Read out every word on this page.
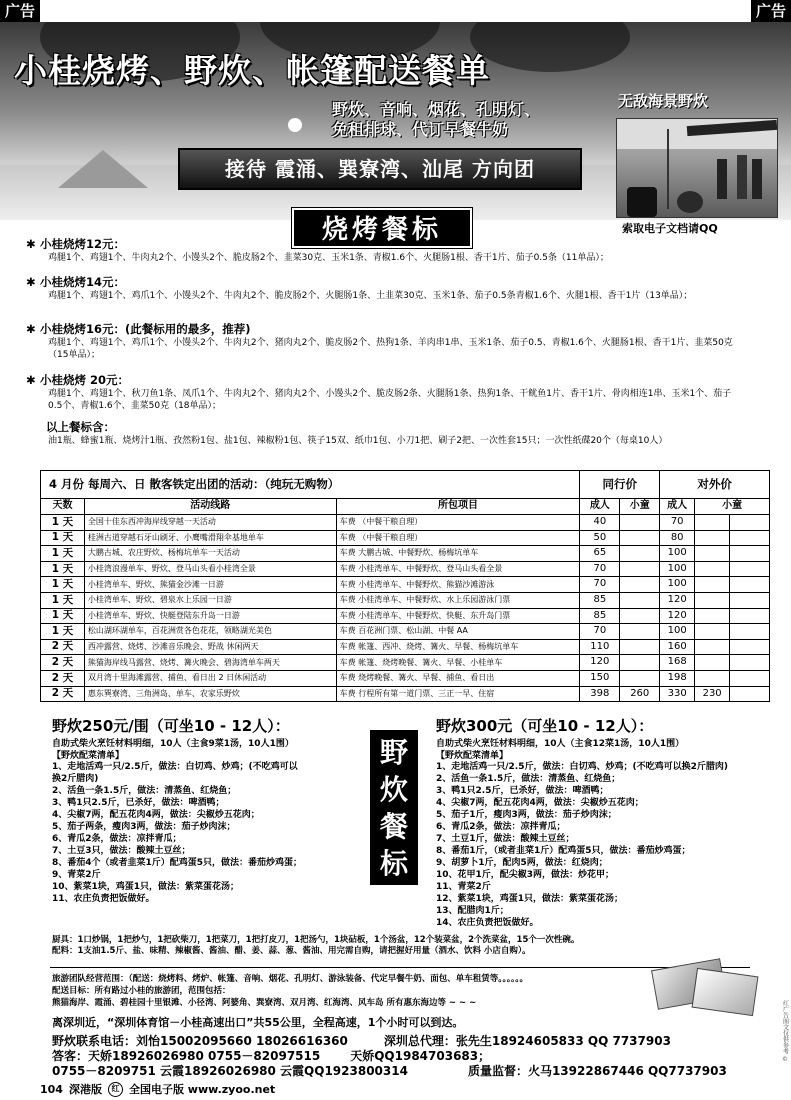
广告	广告
小桂烧烤、野炊、帐篷配送餐单
野炊、音响、烟花、孔明灯、
免租排球、代订早餐牛奶
接待 霞涌、巽寮湾、汕尾 方向团
无敌海景野炊
索取电子文档请QQ
烧烤餐标
✱ 小桂烧烤12元：
鸡腿1个、鸡翅1个、牛肉丸2个、小馒头2个、脆皮肠2个、韭菜30克、玉米1条、青椒1.6个、火腿肠1根、香干1片、茄子0.5条（11单品）；
✱ 小桂烧烤14元：
鸡腿1个、鸡翅1个、鸡爪1个、小馒头2个、牛肉丸2个、脆皮肠2个、火腿肠1条、土韭菜30克、玉米1条、茄子0.5条青椒1.6个、火腿1根、香干1片（13单品）；
✱ 小桂烧烤16元：(此餐标用的最多，推荐)
鸡腿1个、鸡翅1个、鸡爪1个、小馒头2个、牛肉丸2个、猪肉丸2个、脆皮肠2个、热狗1条、羊肉串1串、玉米1条、茄子0.5、青椒1.6个、火腿肠1根、香干1片、韭菜50克（15单品）；
✱ 小桂烧烤 20元：
鸡腿1个、鸡翅1个、秋刀鱼1条、凤爪1个、牛肉丸2个、猪肉丸2个、小馒头2个、脆皮肠2条、火腿肠1条、热狗1条、干鱿鱼1片、香干1片、骨肉相连1串、玉米1个、茄子0.5个、青椒1.6个、韭菜50克（18单品）；
以上餐标含：
油1瓶、蜂蜜1瓶、烧烤汁1瓶、孜然粉1包、盐1包、辣椒粉1包、筷子15双、纸巾1包、小刀1把、刷子2把、一次性套15只；一次性纸碟20个（每桌10人）
4 月份 每周六、日 散客铁定出团的活动：（纯玩无购物）			同行价		对外价		
天数	活动线路	所包项目	成人	小童	成人	小童	
1 天	全国十佳东西冲海岸线穿越一天活动	车费 （中餐干粮自理）	40		70		
1 天	桂洲古道穿越石牙山刷牙、小鹰嘴滑翔伞基地单车	车费 （中餐干粮自理）	50		80		
1 天	大鹏古城、农庄野炊、杨梅坑单车一天活动	车费 大鹏古城、中餐野炊、杨梅坑单车	65		100		
1 天	小桂湾浪漫单车、野炊、登马山头看小桂湾全景	车费 小桂湾单车、中餐野炊、登马山头看全景	70		100		
1 天	小桂湾单车、野炊、熊猫金沙滩一日游	车费 小桂湾单车、中餐野炊、熊猫沙滩游泳	70		100		
1 天	小桂湾单车、野炊、碧泉水上乐园一日游	车费 小桂湾单车、中餐野炊、水上乐园游泳门票	85		120		
1 天	小桂湾单车、野炊、快艇登陆东升岛一日游	车费 小桂湾单车、中餐野炊、快艇、东升岛门票	85		120		
1 天	松山湖环湖单车，百花洲赏各色花花，领略湖光美色	车费 百花洲门票、松山湖、中餐 AA	70		100		
2 天	西冲露营、烧烤、沙滩音乐晚会、野战 休闲两天	车费 帐篷、西冲、烧烤、篝火、早餐、杨梅坑单车	110		160		
2 天	熊猫海岸线马露营、烧烤、篝火晚会、碧海湾单车两天	车费 帐篷、烧烤晚餐、篝火、早餐、小桂单车	120		168		
2 天	双月湾十里海滩露营、捕鱼、看日出 2 日休闲活动	车费 烧烤晚餐、篝火、早餐、捕鱼、看日出	150		198		
2 天	惠东巽寮湾、三角洲岛、单车、农家乐野炊	车费 行程所有第一道门票、三正一早、住宿	398	260	330	230	
野炊250元/围（可坐10 - 12人）：
自助式柴火烹饪材料明细，10人（主食9菜1汤，10人1围）
【野炊配菜清单】
1、走地活鸡一只/2.5斤，做法：白切鸡、炒鸡；(不吃鸡可以
换2斤腊肉)
2、活鱼一条1.5斤，做法：清蒸鱼、红烧鱼；
3、鸭1只2.5斤，已杀好，做法：啤酒鸭；
4、尖椒7两，配五花肉4两，做法：尖椒炒五花肉；
5、茄子两条，瘦肉3两，做法：茄子炒肉沫；
6、青瓜2条，做法：凉拌青瓜；
7、土豆3只，做法：酸辣土豆丝；
8、番茄4个（或者韭菜1斤）配鸡蛋5只，做法：番茄炒鸡蛋；
9、青菜2斤
10、紫菜1块，鸡蛋1只，做法：紫菜蛋花汤；
11、农庄负责把饭做好。
野炊餐标
野炊300元（可坐10 - 12人）：
自助式柴火烹饪材料明细，10人（主食12菜1汤，10人1围）
【野炊配菜清单】
1、走地活鸡一只/2.5斤，做法：白切鸡、炒鸡；(不吃鸡可以换2斤腊肉)
2、活鱼一条1.5斤，做法：清蒸鱼、红烧鱼；
3、鸭1只2.5斤，已杀好，做法：啤酒鸭；
4、尖椒7两，配五花肉4两，做法：尖椒炒五花肉；
5、茄子1斤，瘦肉3两，做法：茄子炒肉沫；
6、青瓜2条，做法：凉拌青瓜；
7、土豆1斤，做法：酸辣土豆丝；
8、番茄1斤，（或者韭菜1斤）配鸡蛋5只，做法：番茄炒鸡蛋；
9、胡萝卜1斤，配肉5两，做法：红烧肉；
10、花甲1斤，配尖椒3两，做法：炒花甲；
11、青菜2斤
12、紫菜1块，鸡蛋1只，做法：紫菜蛋花汤；
13、配腊肉1斤；
14、农庄负责把饭做好。
厨具：1口炒锅，1把炒勺，1把砍柴刀，1把菜刀，1把打皮刀，1把汤勺，1块砧板，1个汤盆，12个装菜盆，2个洗菜盆，15个一次性碗。
配料：1支油1.5斤、盐、味精、辣椒酱、酱油、醋、姜、蒜、葱、酱油、用完需自购，请把握好用量（酒水、饮料 小店自购）。
旅游团队经营范围：（配送：烧烤料、烤炉、帐篷、音响、烟花、孔明灯、游泳装备、代定早餐牛奶、面包、单车租赁等。。。。。。
配送目标：所有路过小桂的旅游团，范围包括：
熊猫海岸、霞涌、碧桂园十里银滩、小径湾、阿婆角、巽寮湾、双月湾、红海湾、风车岛 所有惠东海边等 ~ ~ ~
离深圳近，“深圳体育馆－小桂高速出口”共55公里，全程高速，1个小时可以到达。
野炊联系电话：刘怡15002095660 18026616360	深圳总代理：张先生18924605833 QQ 7737903
答客：天娇18926026980 0755－82097515	天娇QQ1984703683；
0755－8209751 云霞18926026980 云霞QQ1923800314	质量监督：火马13922867446 QQ7737903
104 深港版	红 全国电子版 www.zyoo.net
红广告图文仅供参考 ©
